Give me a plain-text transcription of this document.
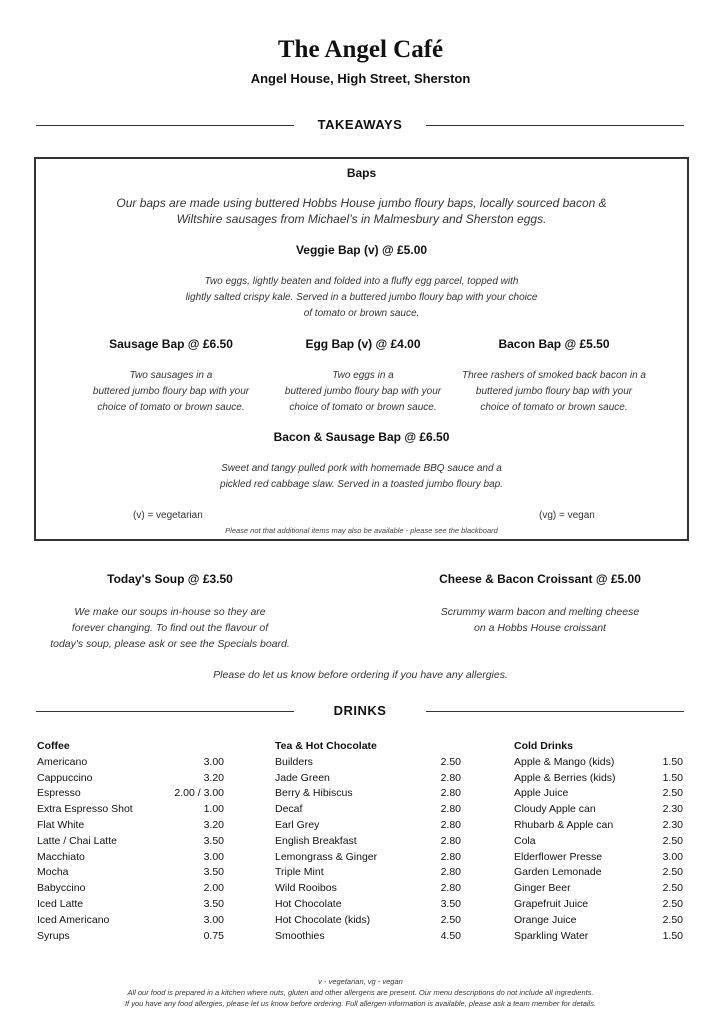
The Angel Café
Angel House, High Street, Sherston
TAKEAWAYS
Baps
Our baps are made using buttered Hobbs House jumbo floury baps, locally sourced bacon &
Wiltshire sausages from Michael’s in Malmesbury and Sherston eggs.
Veggie Bap (v) @ £5.00
Two eggs, lightly beaten and folded into a fluffy egg parcel, topped with
lightly salted crispy kale. Served in a buttered jumbo floury bap with your choice
of tomato or brown sauce.
Sausage Bap @ £6.50	Egg Bap (v) @ £4.00	Bacon Bap @ £5.50
Two sausages in a
buttered jumbo floury bap with your
choice of tomato or brown sauce.
Two eggs in a
buttered jumbo floury bap with your
choice of tomato or brown sauce.
Three rashers of smoked back bacon in a
buttered jumbo floury bap with your
choice of tomato or brown sauce.
Bacon & Sausage Bap @ £6.50
Sweet and tangy pulled pork with homemade BBQ sauce and a
pickled red cabbage slaw. Served in a toasted jumbo floury bap.
(v) = vegetarian	(vg) = vegan
Please not that additional items may also be available - please see the blackboard
Today's Soup @ £3.50
We make our soups in-house so they are
forever changing. To find out the flavour of
today's soup, please ask or see the Specials board.
Cheese & Bacon Croissant @ £5.00
Scrummy warm bacon and melting cheese
on a Hobbs House croissant
Please do let us know before ordering if you have any allergies.
DRINKS
Coffee
Americano	3.00
Cappuccino	3.20
Espresso	2.00 / 3.00
Extra Espresso Shot	1.00
Flat White	3.20
Latte / Chai Latte	3.50
Macchiato	3.00
Mocha	3.50
Babyccino	2.00
Iced Latte	3.50
Iced Americano	3.00
Syrups	0.75
Tea & Hot Chocolate
Builders	2.50
Jade Green	2.80
Berry & Hibiscus	2.80
Decaf	2.80
Earl Grey	2.80
English Breakfast	2.80
Lemongrass & Ginger	2.80
Triple Mint	2.80
Wild Rooibos	2.80
Hot Chocolate	3.50
Hot Chocolate (kids)	2.50
Smoothies	4.50
Cold Drinks
Apple & Mango (kids)	1.50
Apple & Berries (kids)	1.50
Apple Juice	2.50
Cloudy Apple can	2.30
Rhubarb & Apple can	2.30
Cola	2.50
Elderflower Presse	3.00
Garden Lemonade	2.50
Ginger Beer	2.50
Grapefruit Juice	2.50
Orange Juice	2.50
Sparkling Water	1.50
v - vegetarian, vg - vegan
All our food is prepared in a kitchen where nuts, gluten and other allergens are present. Our menu descriptions do not include all ingredients.
If you have any food allergies, please let us know before ordering. Full allergen information is available, please ask a team member for details.
